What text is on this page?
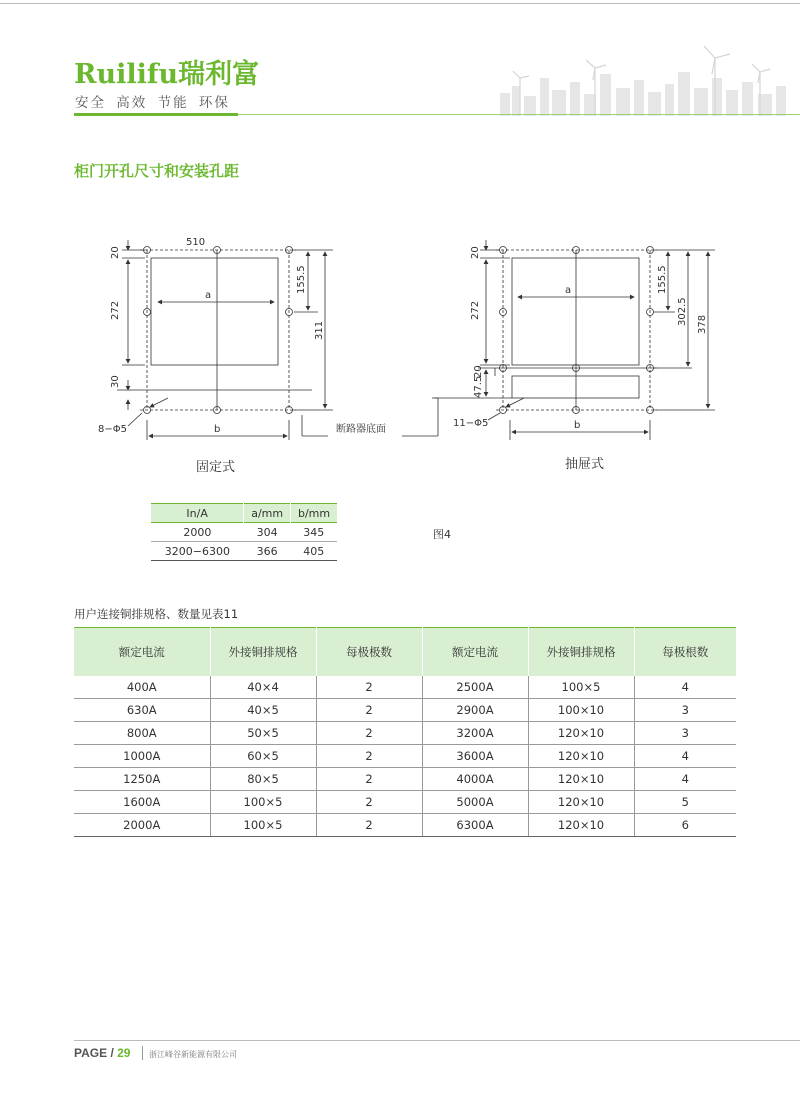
Ruilifu瑞利富
安全 高效 节能 环保
柜门开孔尺寸和安装孔距
510
a
b
20
272
30
155.5
311
8−Φ5	断路器底面
a
b
20
272
20
47.5
155.5
302.5 378
11−Φ5
固定式	抽屉式
In/A	a/mm	b/mm
2000	304	345
3200−6300	366	405
图4
用户连接铜排规格、数量见表11
额定电流	外接铜排规格	每极极数	额定电流	外接铜排规格	每极根数
400A	40×4	2	2500A	100×5	4
630A	40×5	2	2900A	100×10	3
800A	50×5	2	3200A	120×10	3
1000A	60×5	2	3600A	120×10	4
1250A	80×5	2	4000A	120×10	4
1600A	100×5	2	5000A	120×10	5
2000A	100×5	2	6300A	120×10	6
PAGE / 29 浙江峰谷新能源有限公司
